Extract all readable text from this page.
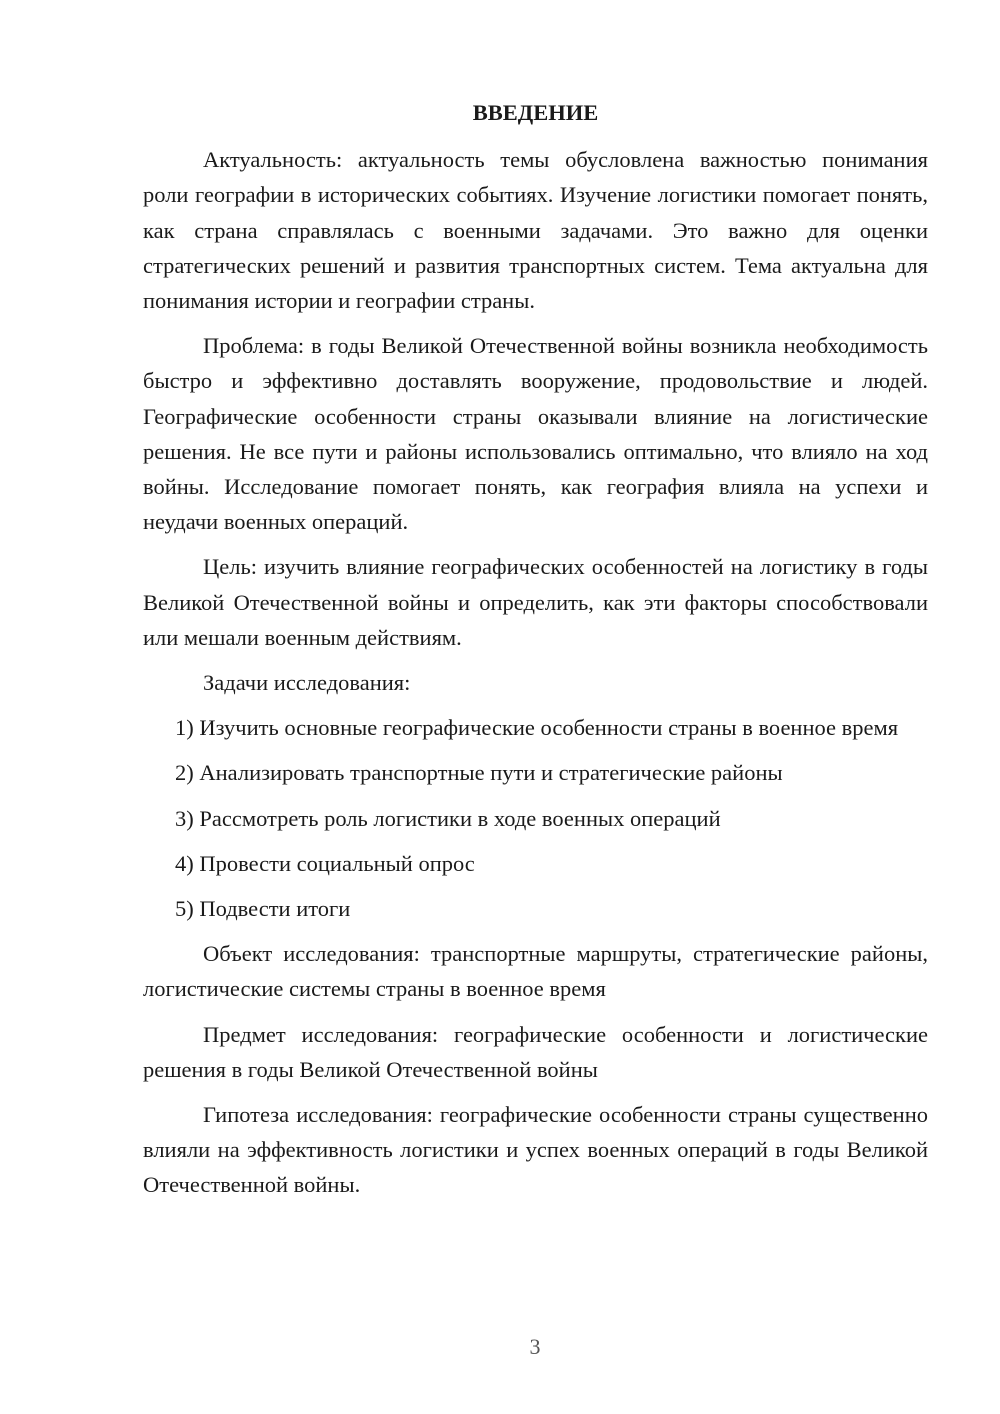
ВВЕДЕНИЕ

Актуальность: актуальность темы обусловлена важностью понимания роли географии в исторических событиях. Изучение логистики помогает понять, как страна справлялась с военными задачами. Это важно для оценки стратегических решений и развития транспортных систем. Тема актуальна для понимания истории и географии страны.

Проблема: в годы Великой Отечественной войны возникла необходимость быстро и эффективно доставлять вооружение, продовольствие и людей. Географические особенности страны оказывали влияние на логистические решения. Не все пути и районы использовались оптимально, что влияло на ход войны. Исследование помогает понять, как география влияла на успехи и неудачи военных операций.

Цель: изучить влияние географических особенностей на логистику в годы Великой Отечественной войны и определить, как эти факторы способствовали или мешали военным действиям.

Задачи исследования:

1) Изучить основные географические особенности страны в военное время

2) Анализировать транспортные пути и стратегические районы

3) Рассмотреть роль логистики в ходе военных операций

4) Провести социальный опрос

5) Подвести итоги

Объект исследования: транспортные маршруты, стратегические районы, логистические системы страны в военное время

Предмет исследования: географические особенности и логистические решения в годы Великой Отечественной войны

Гипотеза исследования: географические особенности страны существенно влияли на эффективность логистики и успех военных операций в годы Великой Отечественной войны.

3
